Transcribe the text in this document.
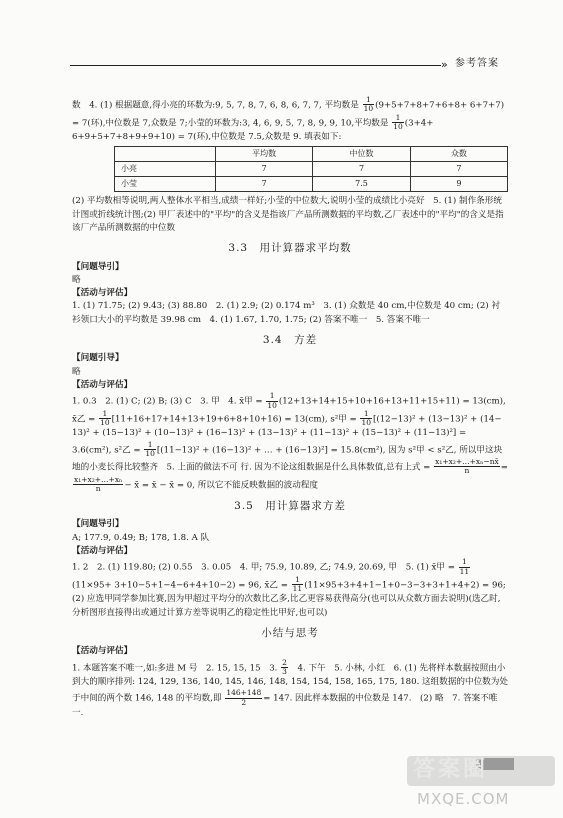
» 参考答案

数　4. (1) 根据题意,得小亮的环数为:9, 5, 7, 8, 7, 6, 8, 6, 7, 7, 平均数是 $\frac{1}{10} (9+5+7+8+7+6+8+ 6+7+7) = 7$(环),中位数是 7,众数是 7;小莹的环数为:3, 4, 6, 9, 5, 7, 8, 9, 9, 10,平均数是 $\frac{1}{10} (3+4+ 6+9+5+7+8+9+9+10) = 7$(环),中位数是 7.5,众数是 9. 填表如下:

	平均数	中位数	众数
小亮	7	7	7
小莹	7	7.5	9

(2) 平均数相等说明,两人整体水平相当,成绩一样好;小莹的中位数大,说明小莹的成绩比小亮好　5. (1) 制作条形统计图或折线统计图;(2) 甲厂表述中的"平均"的含义是指该厂产品所测数据的平均数,乙厂表述中的"平均"的含义是指该厂产品所测数据的中位数

3.3　用计算器求平均数

【问题导引】

略

【活动与评估】

1. (1) 71.75; (2) 9.43; (3) 88.80　2. (1) 2.9; (2) 0.174 m³　3. (1) 众数是 40 cm,中位数是 40 cm; (2) 衬衫领口大小的平均数是 39.98 cm　4. (1) 1.67, 1.70, 1.75; (2) 答案不唯一　5. 答案不唯一

3.4　方差

【问题引导】

略

【活动与评估】

1. 0.3　2. (1) C; (2) B; (3) C　3. 甲　4. x̄甲 = $\frac{1}{10} (12+13+14+15+10+16+13+11+15+11) = 13(cm)$, x̄乙 = $\frac{1}{10} [11+16+17+14+13+19+6+8+10+16) = 13(cm)$, s²甲 = $\frac{1}{10} [(12-13)^2 + (13-13)^2 + (14- 13)^2 + (15-13)^2 + (10-13)^2 + (16-13)^2 + (13-13)^2 + (11-13)^2 + (15-13)^2 + (11-13)^2] = 3.6(cm^2)$, s²乙 = $\frac{1}{10} [(11-13)^2 + (16-13)^2$ + … + (16−13)²] = 15.8(cm²), 因为 s²甲 < s²乙, 所以甲这块地的小麦长得比较整齐　5. 上面的做法不可 行. 因为不论这组数据是什么具体数值,总有上式 = $\frac{\text{x₁+x₂+…+xₙ−nx̄}}{n}$ =
$\frac{\text{x₁+x₂+…+xₙ}}{n}$ − x̄ = x̄ − x̄ = 0, 所以它不能反映数据的波动程度

3.5　用计算器求方差

【问题导引】

A; 177.9, 0.49; B; 178, 1.8. A 队

【活动与评估】

1. 2　2. (1) 119.80; (2) 0.55　3. 0.05　4. 甲; 75.9, 10.89, 乙; 74.9, 20.69, 甲　5. (1) x̄甲 = $\frac{1}{11}$
(11×95+ 3+10−5+1−4−6+4+10−2) = 96, x̄乙 = $\frac{1}{11} (11\times 95+3+4+1-1+0-3-3+3+1+4+2) = 96$;

(2) 应选甲同学参加比赛,因为甲超过平均分的次数比乙多,比乙更容易获得高分(也可以从众数方面去说明)(选乙时,分析图形直接得出或通过计算方差等说明乙的稳定性比甲好,也可以)

小结与思考

【活动与评估】

1. 本题答案不唯一,如:多进 M 号　2. 15, 15, 15　3. $\frac{2}{3}$ 　4. 下午　5. 小林, 小红　6. (1) 先将样本数据按照由小到大的顺序排列: 124, 129, 136, 140, 145, 146, 148, 154, 154, 158, 165, 175, 180. 这组数据的中位数为处于中间的两个数 146, 148 的平均数,即 $\frac{146+148}{2} = 147$. 因此样本数据的中位数是 147.　(2) 略　7. 答案不唯一.

答案圈
MXQE.COM
